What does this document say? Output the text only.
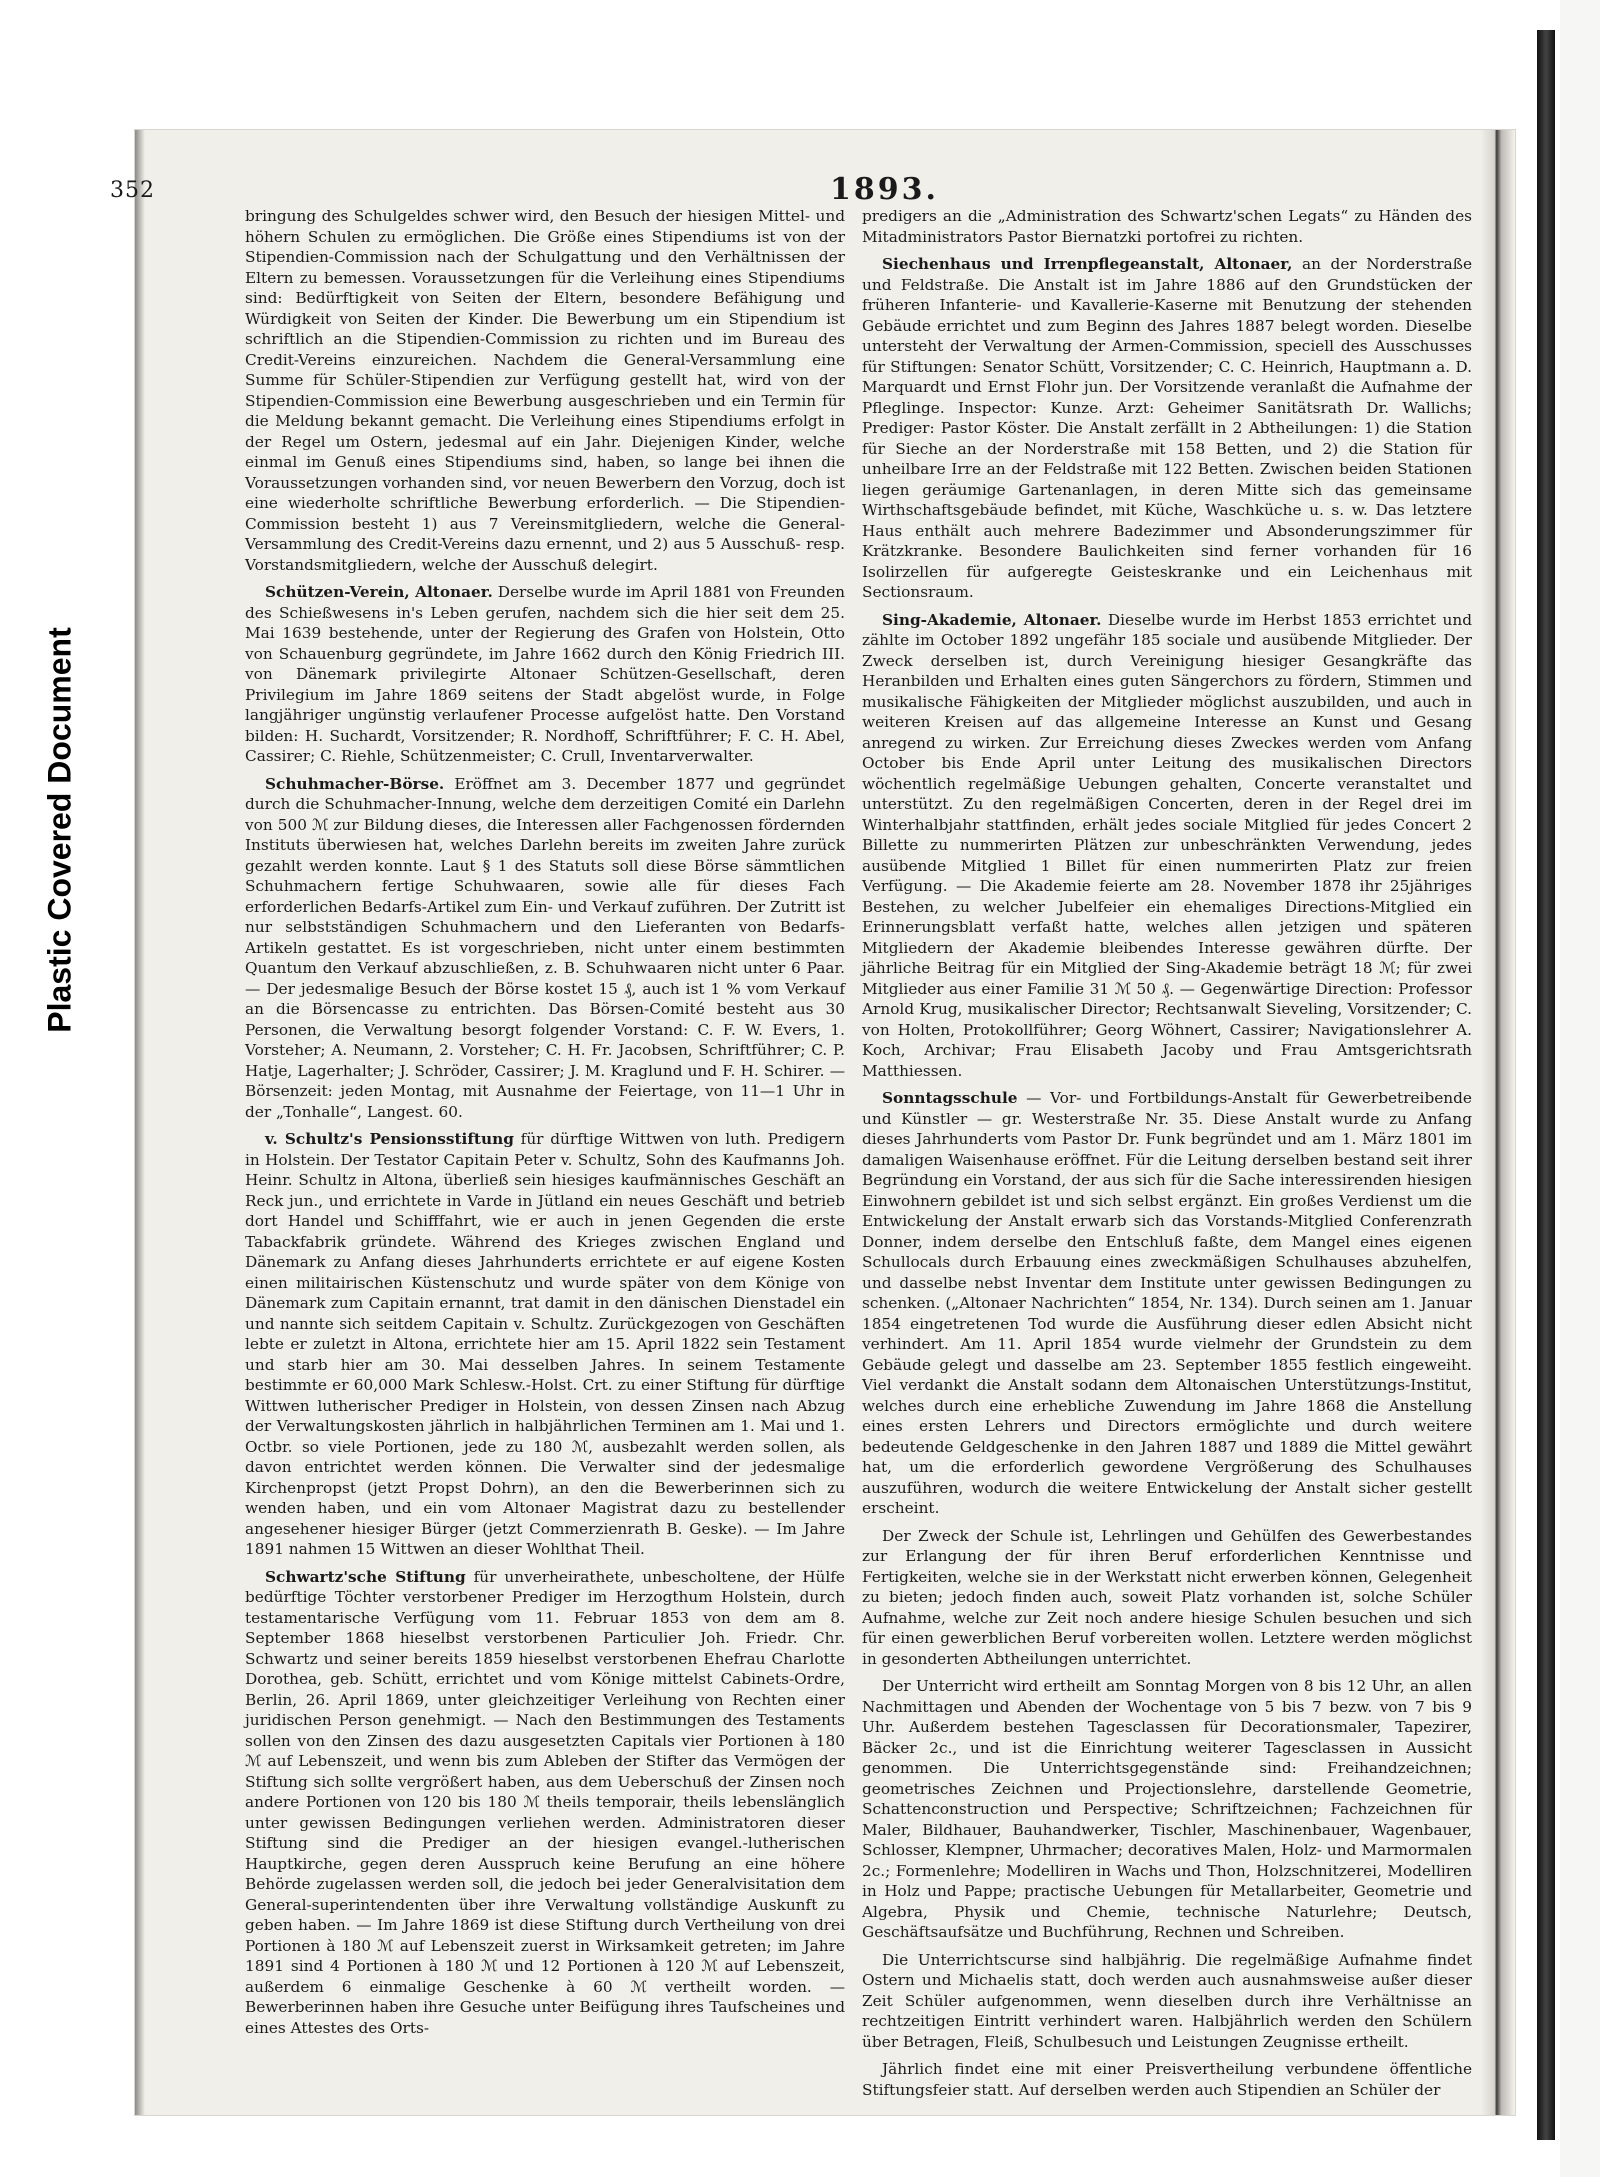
Plastic Covered Document
352	1893.

bringung des Schulgeldes schwer wird, den Besuch der hiesigen Mittel- und höhern Schulen zu ermöglichen. Die Größe eines Stipendiums ist von der Stipendien-Commission nach der Schulgattung und den Verhältnissen der Eltern zu bemessen. Voraussetzungen für die Verleihung eines Stipendiums sind: Bedürftigkeit von Seiten der Eltern, besondere Befähigung und Würdigkeit von Seiten der Kinder. Die Bewerbung um ein Stipendium ist schriftlich an die Stipendien-Commission zu richten und im Bureau des Credit-Vereins einzureichen. Nachdem die General-Versammlung eine Summe für Schüler-Stipendien zur Verfügung gestellt hat, wird von der Stipendien-Commission eine Bewerbung ausgeschrieben und ein Termin für die Meldung bekannt gemacht. Die Verleihung eines Stipendiums erfolgt in der Regel um Ostern, jedesmal auf ein Jahr. Diejenigen Kinder, welche einmal im Genuß eines Stipendiums sind, haben, so lange bei ihnen die Voraussetzungen vorhanden sind, vor neuen Bewerbern den Vorzug, doch ist eine wiederholte schriftliche Bewerbung erforderlich. — Die Stipendien-Commission besteht 1) aus 7 Vereinsmitgliedern, welche die General-Versammlung des Credit-Vereins dazu ernennt, und 2) aus 5 Ausschuß- resp. Vorstandsmitgliedern, welche der Ausschuß delegirt.

Schützen-Verein, Altonaer. Derselbe wurde im April 1881 von Freunden des Schießwesens in's Leben gerufen, nachdem sich die hier seit dem 25. Mai 1639 bestehende, unter der Regierung des Grafen von Holstein, Otto von Schauenburg gegründete, im Jahre 1662 durch den König Friedrich III. von Dänemark privilegirte Altonaer Schützen-Gesellschaft, deren Privilegium im Jahre 1869 seitens der Stadt abgelöst wurde, in Folge langjähriger ungünstig verlaufener Processe aufgelöst hatte. Den Vorstand bilden: H. Suchardt, Vorsitzender; R. Nordhoff, Schriftführer; F. C. H. Abel, Cassirer; C. Riehle, Schützenmeister; C. Crull, Inventarverwalter.

Schuhmacher-Börse. Eröffnet am 3. December 1877 und gegründet durch die Schuhmacher-Innung, welche dem derzeitigen Comité ein Darlehn von 500 ℳ zur Bildung dieses, die Interessen aller Fachgenossen fördernden Instituts überwiesen hat, welches Darlehn bereits im zweiten Jahre zurück gezahlt werden konnte. Laut § 1 des Statuts soll diese Börse sämmtlichen Schuhmachern fertige Schuhwaaren, sowie alle für dieses Fach erforderlichen Bedarfs-Artikel zum Ein- und Verkauf zuführen. Der Zutritt ist nur selbstständigen Schuhmachern und den Lieferanten von Bedarfs-Artikeln gestattet. Es ist vorgeschrieben, nicht unter einem bestimmten Quantum den Verkauf abzuschließen, z. B. Schuhwaaren nicht unter 6 Paar. — Der jedesmalige Besuch der Börse kostet 15 ₰, auch ist 1 % vom Verkauf an die Börsencasse zu entrichten. Das Börsen-Comité besteht aus 30 Personen, die Verwaltung besorgt folgender Vorstand: C. F. W. Evers, 1. Vorsteher; A. Neumann, 2. Vorsteher; C. H. Fr. Jacobsen, Schriftführer; C. P. Hatje, Lagerhalter; J. Schröder, Cassirer; J. M. Kraglund und F. H. Schirer. — Börsenzeit: jeden Montag, mit Ausnahme der Feiertage, von 11—1 Uhr in der „Tonhalle“, Langest. 60.

v. Schultz's Pensionsstiftung für dürftige Wittwen von luth. Predigern in Holstein. Der Testator Capitain Peter v. Schultz, Sohn des Kaufmanns Joh. Heinr. Schultz in Altona, überließ sein hiesiges kaufmännisches Geschäft an Reck jun., und errichtete in Varde in Jütland ein neues Geschäft und betrieb dort Handel und Schifffahrt, wie er auch in jenen Gegenden die erste Tabackfabrik gründete. Während des Krieges zwischen England und Dänemark zu Anfang dieses Jahrhunderts errichtete er auf eigene Kosten einen militairischen Küstenschutz und wurde später von dem Könige von Dänemark zum Capitain ernannt, trat damit in den dänischen Dienstadel ein und nannte sich seitdem Capitain v. Schultz. Zurückgezogen von Geschäften lebte er zuletzt in Altona, errichtete hier am 15. April 1822 sein Testament und starb hier am 30. Mai desselben Jahres. In seinem Testamente bestimmte er 60,000 Mark Schlesw.-Holst. Crt. zu einer Stiftung für dürftige Wittwen lutherischer Prediger in Holstein, von dessen Zinsen nach Abzug der Verwaltungskosten jährlich in halbjährlichen Terminen am 1. Mai und 1. Octbr. so viele Portionen, jede zu 180 ℳ, ausbezahlt werden sollen, als davon entrichtet werden können. Die Verwalter sind der jedesmalige Kirchenpropst (jetzt Propst Dohrn), an den die Bewerberinnen sich zu wenden haben, und ein vom Altonaer Magistrat dazu zu bestellender angesehener hiesiger Bürger (jetzt Commerzienrath B. Geske). — Im Jahre 1891 nahmen 15 Wittwen an dieser Wohlthat Theil.

Schwartz'sche Stiftung für unverheirathete, unbescholtene, der Hülfe bedürftige Töchter verstorbener Prediger im Herzogthum Holstein, durch testamentarische Verfügung vom 11. Februar 1853 von dem am 8. September 1868 hieselbst verstorbenen Particulier Joh. Friedr. Chr. Schwartz und seiner bereits 1859 hieselbst verstorbenen Ehefrau Charlotte Dorothea, geb. Schütt, errichtet und vom Könige mittelst Cabinets-Ordre, Berlin, 26. April 1869, unter gleichzeitiger Verleihung von Rechten einer juridischen Person genehmigt. — Nach den Bestimmungen des Testaments sollen von den Zinsen des dazu ausgesetzten Capitals vier Portionen à 180 ℳ auf Lebenszeit, und wenn bis zum Ableben der Stifter das Vermögen der Stiftung sich sollte vergrößert haben, aus dem Ueberschuß der Zinsen noch andere Portionen von 120 bis 180 ℳ theils temporair, theils lebenslänglich unter gewissen Bedingungen verliehen werden. Administratoren dieser Stiftung sind die Prediger an der hiesigen evangel.-lutherischen Hauptkirche, gegen deren Ausspruch keine Berufung an eine höhere Behörde zugelassen werden soll, die jedoch bei jeder Generalvisitation dem General-superintendenten über ihre Verwaltung vollständige Auskunft zu geben haben. — Im Jahre 1869 ist diese Stiftung durch Vertheilung von drei Portionen à 180 ℳ auf Lebenszeit zuerst in Wirksamkeit getreten; im Jahre 1891 sind 4 Portionen à 180 ℳ und 12 Portionen à 120 ℳ auf Lebenszeit, außerdem 6 einmalige Geschenke à 60 ℳ vertheilt worden. — Bewerberinnen haben ihre Gesuche unter Beifügung ihres Taufscheines und eines Attestes des Orts-

predigers an die „Administration des Schwartz'schen Legats“ zu Händen des Mitadministrators Pastor Biernatzki portofrei zu richten.

Siechenhaus und Irrenpflegeanstalt, Altonaer, an der Norderstraße und Feldstraße. Die Anstalt ist im Jahre 1886 auf den Grundstücken der früheren Infanterie- und Kavallerie-Kaserne mit Benutzung der stehenden Gebäude errichtet und zum Beginn des Jahres 1887 belegt worden. Dieselbe untersteht der Verwaltung der Armen-Commission, speciell des Ausschusses für Stiftungen: Senator Schütt, Vorsitzender; C. C. Heinrich, Hauptmann a. D. Marquardt und Ernst Flohr jun. Der Vorsitzende veranlaßt die Aufnahme der Pfleglinge. Inspector: Kunze. Arzt: Geheimer Sanitätsrath Dr. Wallichs; Prediger: Pastor Köster. Die Anstalt zerfällt in 2 Abtheilungen: 1) die Station für Sieche an der Norderstraße mit 158 Betten, und 2) die Station für unheilbare Irre an der Feldstraße mit 122 Betten. Zwischen beiden Stationen liegen geräumige Gartenanlagen, in deren Mitte sich das gemeinsame Wirthschaftsgebäude befindet, mit Küche, Waschküche u. s. w. Das letztere Haus enthält auch mehrere Badezimmer und Absonderungszimmer für Krätzkranke. Besondere Baulichkeiten sind ferner vorhanden für 16 Isolirzellen für aufgeregte Geisteskranke und ein Leichenhaus mit Sectionsraum.

Sing-Akademie, Altonaer. Dieselbe wurde im Herbst 1853 errichtet und zählte im October 1892 ungefähr 185 sociale und ausübende Mitglieder. Der Zweck derselben ist, durch Vereinigung hiesiger Gesangkräfte das Heranbilden und Erhalten eines guten Sängerchors zu fördern, Stimmen und musikalische Fähigkeiten der Mitglieder möglichst auszubilden, und auch in weiteren Kreisen auf das allgemeine Interesse an Kunst und Gesang anregend zu wirken. Zur Erreichung dieses Zweckes werden vom Anfang October bis Ende April unter Leitung des musikalischen Directors wöchentlich regelmäßige Uebungen gehalten, Concerte veranstaltet und unterstützt. Zu den regelmäßigen Concerten, deren in der Regel drei im Winterhalbjahr stattfinden, erhält jedes sociale Mitglied für jedes Concert 2 Billette zu nummerirten Plätzen zur unbeschränkten Verwendung, jedes ausübende Mitglied 1 Billet für einen nummerirten Platz zur freien Verfügung. — Die Akademie feierte am 28. November 1878 ihr 25jähriges Bestehen, zu welcher Jubelfeier ein ehemaliges Directions-Mitglied ein Erinnerungsblatt verfaßt hatte, welches allen jetzigen und späteren Mitgliedern der Akademie bleibendes Interesse gewähren dürfte. Der jährliche Beitrag für ein Mitglied der Sing-Akademie beträgt 18 ℳ; für zwei Mitglieder aus einer Familie 31 ℳ 50 ₰. — Gegenwärtige Direction: Professor Arnold Krug, musikalischer Director; Rechtsanwalt Sieveling, Vorsitzender; C. von Holten, Protokollführer; Georg Wöhnert, Cassirer; Navigationslehrer A. Koch, Archivar; Frau Elisabeth Jacoby und Frau Amtsgerichtsrath Matthiessen.

Sonntagsschule — Vor- und Fortbildungs-Anstalt für Gewerbetreibende und Künstler — gr. Westerstraße Nr. 35. Diese Anstalt wurde zu Anfang dieses Jahrhunderts vom Pastor Dr. Funk begründet und am 1. März 1801 im damaligen Waisenhause eröffnet. Für die Leitung derselben bestand seit ihrer Begründung ein Vorstand, der aus sich für die Sache interessirenden hiesigen Einwohnern gebildet ist und sich selbst ergänzt. Ein großes Verdienst um die Entwickelung der Anstalt erwarb sich das Vorstands-Mitglied Conferenzrath Donner, indem derselbe den Entschluß faßte, dem Mangel eines eigenen Schullocals durch Erbauung eines zweckmäßigen Schulhauses abzuhelfen, und dasselbe nebst Inventar dem Institute unter gewissen Bedingungen zu schenken. („Altonaer Nachrichten“ 1854, Nr. 134). Durch seinen am 1. Januar 1854 eingetretenen Tod wurde die Ausführung dieser edlen Absicht nicht verhindert. Am 11. April 1854 wurde vielmehr der Grundstein zu dem Gebäude gelegt und dasselbe am 23. September 1855 festlich eingeweiht. Viel verdankt die Anstalt sodann dem Altonaischen Unterstützungs-Institut, welches durch eine erhebliche Zuwendung im Jahre 1868 die Anstellung eines ersten Lehrers und Directors ermöglichte und durch weitere bedeutende Geldgeschenke in den Jahren 1887 und 1889 die Mittel gewährt hat, um die erforderlich gewordene Vergrößerung des Schulhauses auszuführen, wodurch die weitere Entwickelung der Anstalt sicher gestellt erscheint.

Der Zweck der Schule ist, Lehrlingen und Gehülfen des Gewerbestandes zur Erlangung der für ihren Beruf erforderlichen Kenntnisse und Fertigkeiten, welche sie in der Werkstatt nicht erwerben können, Gelegenheit zu bieten; jedoch finden auch, soweit Platz vorhanden ist, solche Schüler Aufnahme, welche zur Zeit noch andere hiesige Schulen besuchen und sich für einen gewerblichen Beruf vorbereiten wollen. Letztere werden möglichst in gesonderten Abtheilungen unterrichtet.

Der Unterricht wird ertheilt am Sonntag Morgen von 8 bis 12 Uhr, an allen Nachmittagen und Abenden der Wochentage von 5 bis 7 bezw. von 7 bis 9 Uhr. Außerdem bestehen Tagesclassen für Decorationsmaler, Tapezirer, Bäcker 2c., und ist die Einrichtung weiterer Tagesclassen in Aussicht genommen. Die Unterrichtsgegenstände sind: Freihandzeichnen; geometrisches Zeichnen und Projectionslehre, darstellende Geometrie, Schattenconstruction und Perspective; Schriftzeichnen; Fachzeichnen für Maler, Bildhauer, Bauhandwerker, Tischler, Maschinenbauer, Wagenbauer, Schlosser, Klempner, Uhrmacher; decoratives Malen, Holz- und Marmormalen 2c.; Formenlehre; Modelliren in Wachs und Thon, Holzschnitzerei, Modelliren in Holz und Pappe; practische Uebungen für Metallarbeiter, Geometrie und Algebra, Physik und Chemie, technische Naturlehre; Deutsch, Geschäftsaufsätze und Buchführung, Rechnen und Schreiben.

Die Unterrichtscurse sind halbjährig. Die regelmäßige Aufnahme findet Ostern und Michaelis statt, doch werden auch ausnahmsweise außer dieser Zeit Schüler aufgenommen, wenn dieselben durch ihre Verhältnisse an rechtzeitigen Eintritt verhindert waren. Halbjährlich werden den Schülern über Betragen, Fleiß, Schulbesuch und Leistungen Zeugnisse ertheilt.

Jährlich findet eine mit einer Preisvertheilung verbundene öffentliche Stiftungsfeier statt. Auf derselben werden auch Stipendien an Schüler der
